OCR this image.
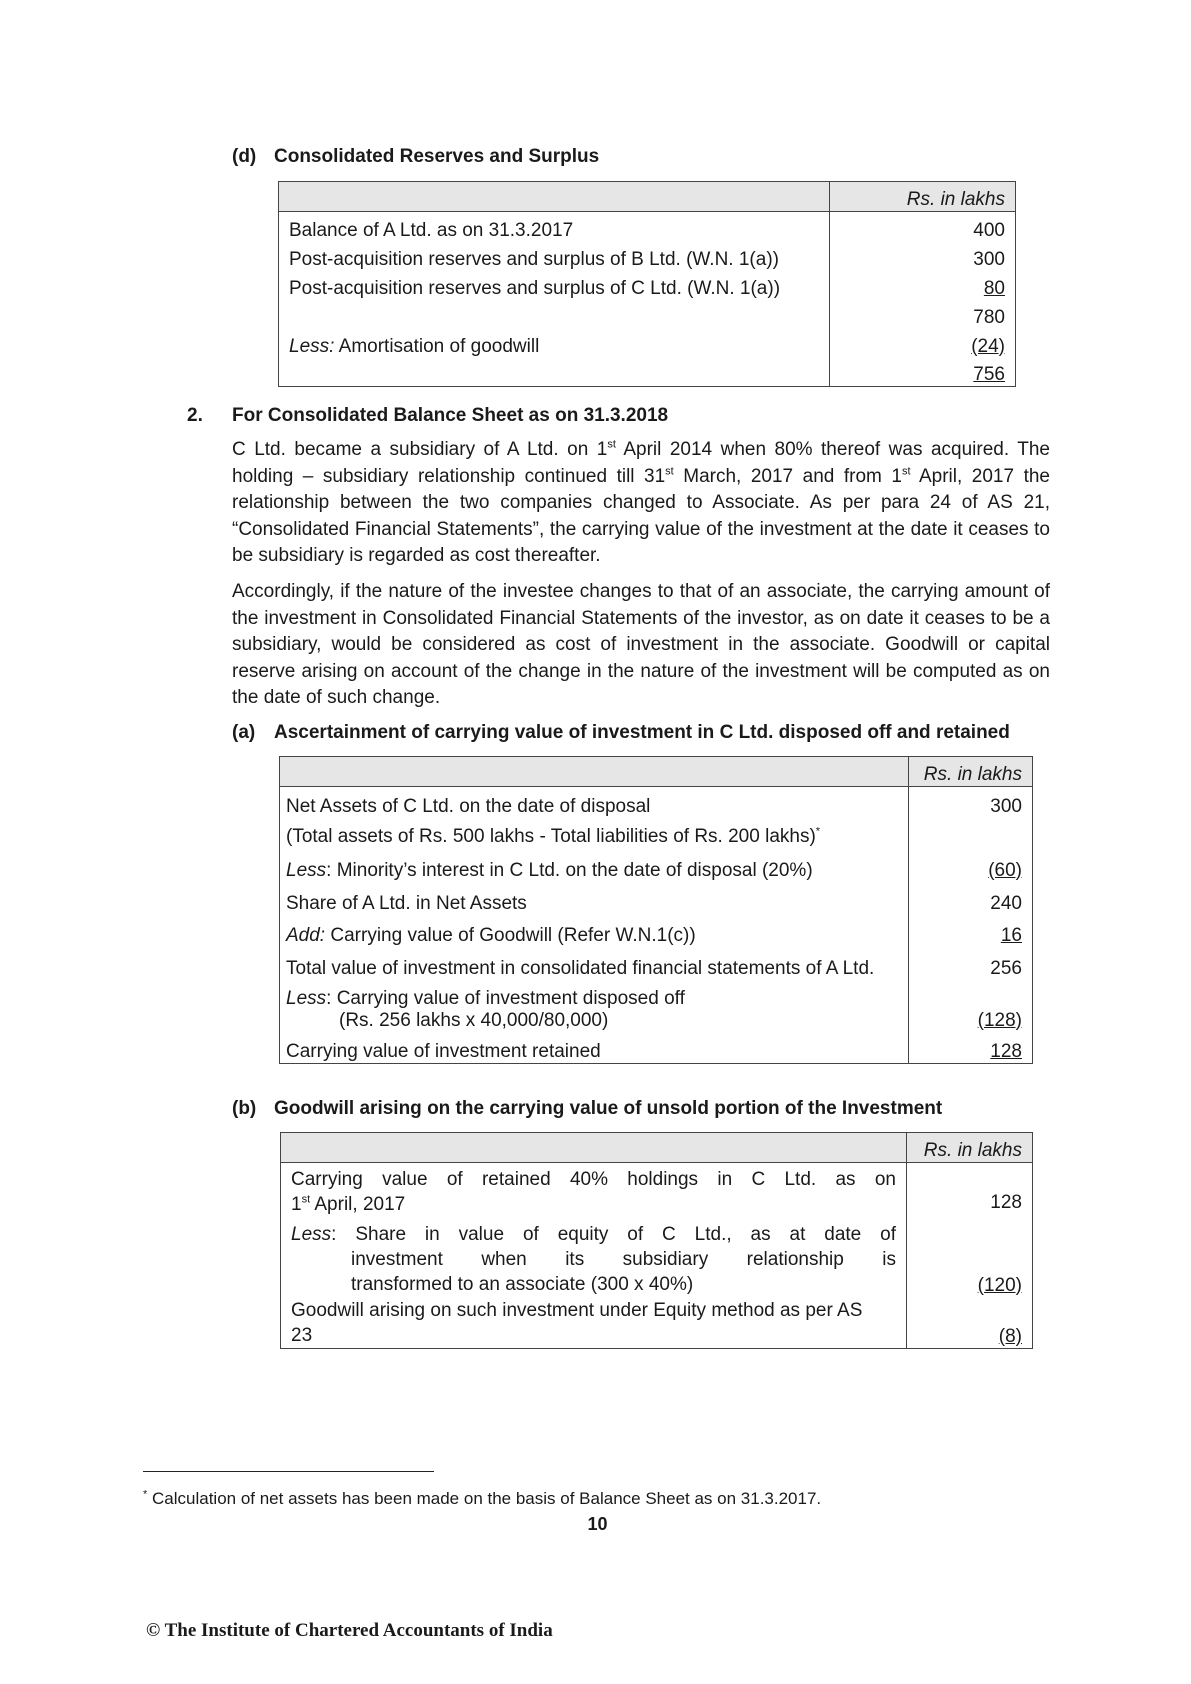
(d) Consolidated Reserves and Surplus
	Rs. in lakhs
Balance of A Ltd. as on 31.3.2017	400
Post-acquisition reserves and surplus of B Ltd. (W.N. 1(a))	300
Post-acquisition reserves and surplus of C Ltd. (W.N. 1(a))	80
	780
Less: Amortisation of goodwill	(24)
	756
2. For Consolidated Balance Sheet as on 31.3.2018
C Ltd. became a subsidiary of A Ltd. on 1st April 2014 when 80% thereof was acquired. The holding – subsidiary relationship continued till 31st March, 2017 and from 1st April, 2017 the relationship between the two companies changed to Associate. As per para 24 of AS 21, “Consolidated Financial Statements”, the carrying value of the investment at the date it ceases to be subsidiary is regarded as cost thereafter.
Accordingly, if the nature of the investee changes to that of an associate, the carrying amount of the investment in Consolidated Financial Statements of the investor, as on date it ceases to be a subsidiary, would be considered as cost of investment in the associate. Goodwill or capital reserve arising on account of the change in the nature of the investment will be computed as on the date of such change.
(a) Ascertainment of carrying value of investment in C Ltd. disposed off and retained
	Rs. in lakhs
Net Assets of C Ltd. on the date of disposal	300
(Total assets of Rs. 500 lakhs - Total liabilities of Rs. 200 lakhs)*	
Less: Minority’s interest in C Ltd. on the date of disposal (20%)	(60)
Share of A Ltd. in Net Assets	240
Add: Carrying value of Goodwill (Refer W.N.1(c))	16
Total value of investment in consolidated financial statements of A Ltd.	256

Less: Carrying value of investment disposed off
(Rs. 256 lakhs x 40,000/80,000)	(128)
Carrying value of investment retained	128
(b) Goodwill arising on the carrying value of unsold portion of the Investment
	Rs. in lakhs

Carrying value of retained 40% holdings in C Ltd. as on
1st April, 2017	128

Less: Share in value of equity of C Ltd., as at date of
investment when its subsidiary relationship is
transformed to an associate (300 x 40%)	(120)

Goodwill arising on such investment under Equity method as per AS
23	(8)
* Calculation of net assets has been made on the basis of Balance Sheet as on 31.3.2017.
10
© The Institute of Chartered Accountants of India
